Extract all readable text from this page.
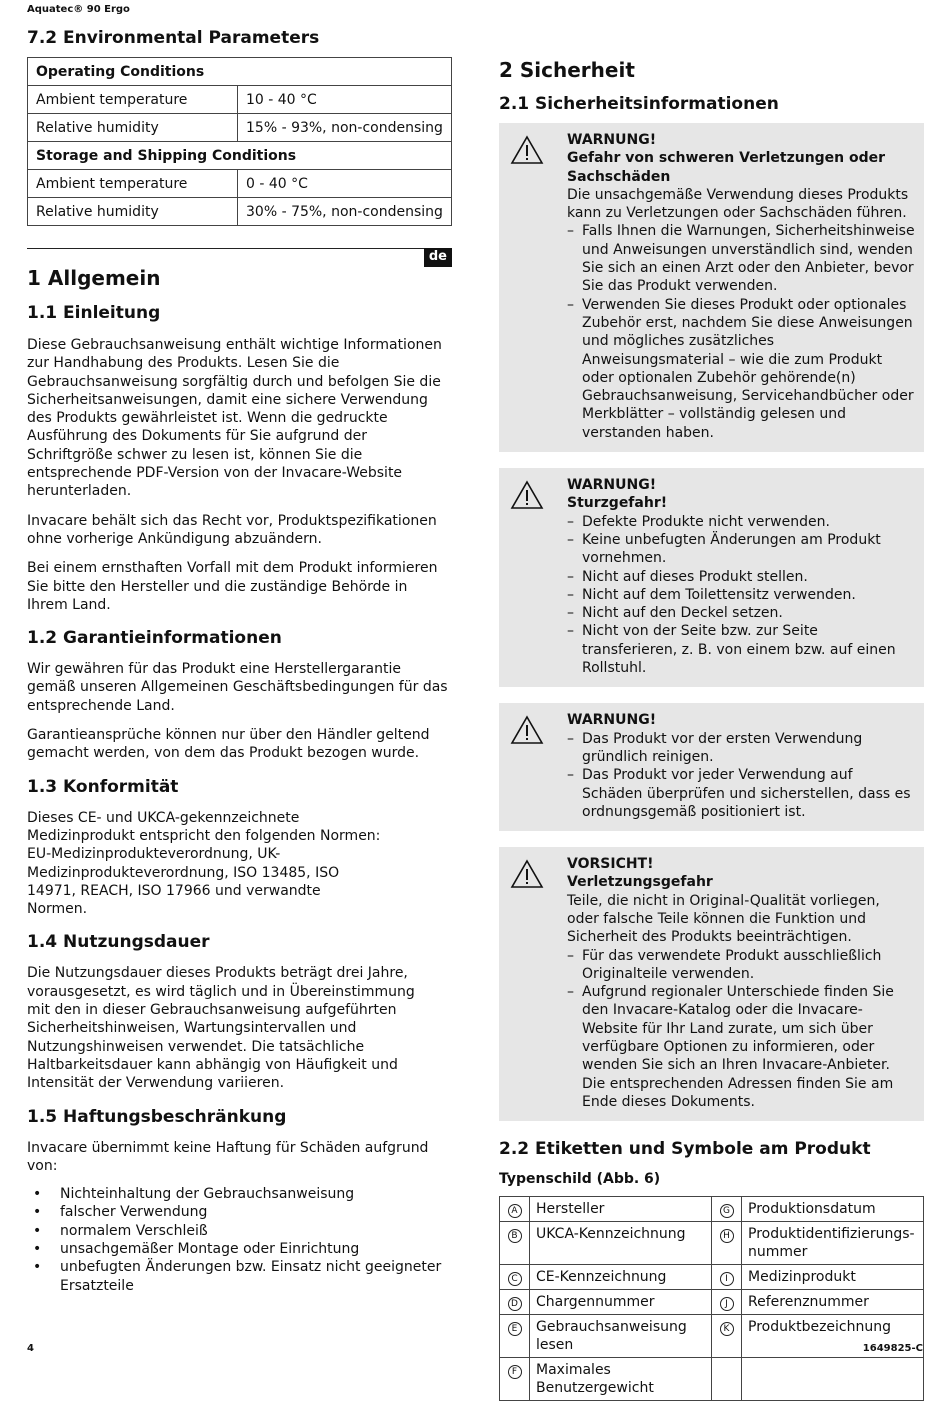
Aquatec® 90 Ergo
7.2 Environmental Parameters
Operating Conditions	
Ambient temperature	10 - 40 °C
Relative humidity	15% - 93%, non-condensing
Storage and Shipping Conditions	
Ambient temperature	0 - 40 °C
Relative humidity	30% - 75%, non-condensing
de
1 Allgemein
1.1 Einleitung

Diese Gebrauchsanweisung enthält wichtige Informationen zur Handhabung des Produkts. Lesen Sie die Gebrauchsanweisung sorgfältig durch und befolgen Sie die Sicherheitsanweisungen, damit eine sichere Verwendung des Produkts gewährleistet ist. Wenn die gedruckte Ausführung des Dokuments für Sie aufgrund der Schriftgröße schwer zu lesen ist, können Sie die entsprechende PDF-Version von der Invacare-Website herunterladen.

Invacare behält sich das Recht vor, Produktspezifikationen ohne vorherige Ankündigung abzuändern.

Bei einem ernsthaften Vorfall mit dem Produkt informieren Sie bitte den Hersteller und die zuständige Behörde in Ihrem Land.

1.2 Garantieinformationen

Wir gewähren für das Produkt eine Herstellergarantie gemäß unseren Allgemeinen Geschäftsbedingungen für das entsprechende Land.

Garantieansprüche können nur über den Händler geltend gemacht werden, von dem das Produkt bezogen wurde.

1.3 Konformität

Dieses CE- und UKCA-gekennzeichnete Medizinprodukt entspricht den folgenden Normen: EU-Medizinprodukteverordnung, UK-Medizinprodukteverordnung, ISO 13485, ISO 14971, REACH, ISO 17966 und verwandte Normen.

1.4 Nutzungsdauer

Die Nutzungsdauer dieses Produkts beträgt drei Jahre, vorausgesetzt, es wird täglich und in Übereinstimmung mit den in dieser Gebrauchsanweisung aufgeführten Sicherheitshinweisen, Wartungsintervallen und Nutzungshinweisen verwendet. Die tatsächliche Haltbarkeitsdauer kann abhängig von Häufigkeit und Intensität der Verwendung variieren.

1.5 Haftungsbeschränkung

Invacare übernimmt keine Haftung für Schäden aufgrund von:

• Nichteinhaltung der Gebrauchsanweisung
• falscher Verwendung
• normalem Verschleiß
• unsachgemäßer Montage oder Einrichtung
• unbefugten Änderungen bzw. Einsatz nicht geeigneter Ersatzteile
2 Sicherheit
2.1 Sicherheitsinformationen
WARNUNG!
Gefahr von schweren Verletzungen oder Sachschäden
Die unsachgemäße Verwendung dieses Produkts kann zu Verletzungen oder Sachschäden führen.
– Falls Ihnen die Warnungen, Sicherheitshinweise und Anweisungen unverständlich sind, wenden Sie sich an einen Arzt oder den Anbieter, bevor Sie das Produkt verwenden.
– Verwenden Sie dieses Produkt oder optionales Zubehör erst, nachdem Sie diese Anweisungen und mögliches zusätzliches Anweisungsmaterial – wie die zum Produkt oder optionalen Zubehör gehörende(n) Gebrauchsanweisung, Servicehandbücher oder Merkblätter – vollständig gelesen und verstanden haben.
WARNUNG!
Sturzgefahr!
– Defekte Produkte nicht verwenden.
– Keine unbefugten Änderungen am Produkt vornehmen.
– Nicht auf dieses Produkt stellen.
– Nicht auf dem Toilettensitz verwenden.
– Nicht auf den Deckel setzen.
– Nicht von der Seite bzw. zur Seite transferieren, z. B. von einem bzw. auf einen Rollstuhl.
WARNUNG!
– Das Produkt vor der ersten Verwendung gründlich reinigen.
– Das Produkt vor jeder Verwendung auf Schäden überprüfen und sicherstellen, dass es ordnungsgemäß positioniert ist.
VORSICHT!
Verletzungsgefahr
Teile, die nicht in Original-Qualität vorliegen, oder falsche Teile können die Funktion und Sicherheit des Produkts beeinträchtigen.
– Für das verwendete Produkt ausschließlich Originalteile verwenden.
– Aufgrund regionaler Unterschiede finden Sie den Invacare-Katalog oder die Invacare-Website für Ihr Land zurate, um sich über verfügbare Optionen zu informieren, oder wenden Sie sich an Ihren Invacare-Anbieter. Die entsprechenden Adressen finden Sie am Ende dieses Dokuments.
2.2 Etiketten und Symbole am Produkt
Typenschild (Abb. 6)
A	Hersteller	G	Produktionsdatum
B	UKCA-Kennzeichnung	H	Produktidentifizierungs-nummer
C	CE-Kennzeichnung	I	Medizinprodukt
D	Chargennummer	J	Referenznummer
E	Gebrauchsanweisung lesen	K	Produktbezeichnung
F	Maximales Benutzergewicht		
4	1649825-C
